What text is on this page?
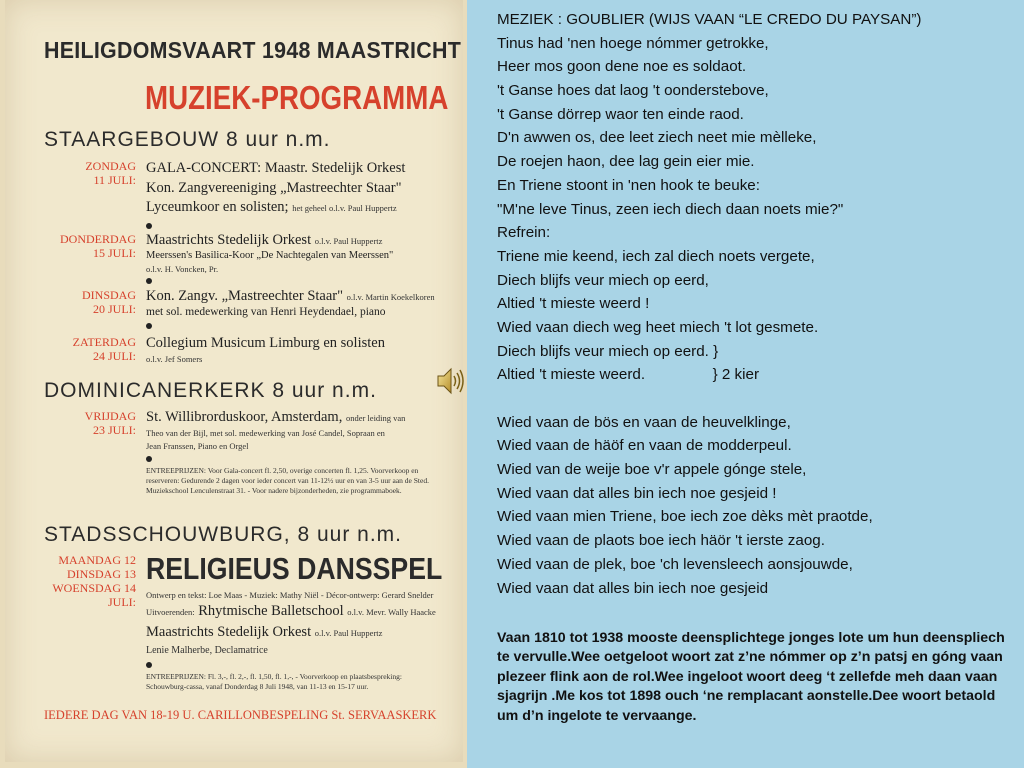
HEILIGDOMSVAART 1948 MAASTRICHT
MUZIEK-PROGRAMMA
STAARGEBOUW 8 uur n.m.
ZONDAG
11 JULI:
GALA-CONCERT: Maastr. Stedelijk Orkest
Kon. Zangvereeniging „Mastreechter Staar"
Lyceumkoor en solisten; het geheel o.l.v. Paul Huppertz
DONDERDAG
15 JULI:
Maastrichts Stedelijk Orkest o.l.v. Paul Huppertz
Meerssen's Basilica-Koor „De Nachtegalen van Meerssen"
o.l.v. H. Voncken, Pr.
DINSDAG
20 JULI:
Kon. Zangv. „Mastreechter Staar" o.l.v. Martin Koekelkoren
met sol. medewerking van Henri Heydendael, piano
ZATERDAG
24 JULI:
Collegium Musicum Limburg en solisten
o.l.v. Jef Somers
DOMINICANERKERK 8 uur n.m.
VRIJDAG
23 JULI:
St. Willibrorduskoor, Amsterdam, onder leiding van
Theo van der Bijl, met sol. medewerking van José Candel, Sopraan en
Jean Franssen, Piano en Orgel
ENTREEPRIJZEN: Voor Gala-concert fl. 2,50, overige concerten fl. 1,25. Voorverkoop en reserveren: Gedurende 2 dagen voor ieder concert van 11-12½ uur en van 3-5 uur aan de Sted. Muziekschool Lenculenstraat 31. - Voor nadere bijzonderheden, zie programmaboek.
STADSSCHOUWBURG, 8 uur n.m.
MAANDAG 12
DINSDAG 13
WOENSDAG 14
JULI:
RELIGIEUS DANSSPEL
Ontwerp en tekst: Loe Maas - Muziek: Mathy Niël - Décor-ontwerp: Gerard Snelder
Uitvoerenden: Rhytmische Balletschool o.l.v. Mevr. Wally Haacke
Maastrichts Stedelijk Orkest o.l.v. Paul Huppertz
Lenie Malherbe, Declamatrice
ENTREEPRIJZEN: Fl. 3,-, fl. 2,-, fl. 1,50, fl. 1,-, - Voorverkoop en plaatsbespreking: Schouwburg-cassa, vanaf Donderdag 8 Juli 1948, van 11-13 en 15-17 uur.
IEDERE DAG VAN 18-19 U. CARILLONBESPELING St. SERVAASKERK
MEZIEK : GOUBLIER (WIJS VAAN “LE CREDO DU PAYSAN”)
Tinus had 'nen hoege nómmer getrokke,
Heer mos goon dene noe es soldaot.
't Ganse hoes dat laog 't oonderstebove,
't Ganse dörrep waor ten einde raod.
D'n awwen os, dee leet ziech neet mie mèlleke,
De roejen haon, dee lag gein eier mie.
En Triene stoont in 'nen hook te beuke:
"M'ne leve Tinus, zeen iech diech daan noets mie?"
Refrein:
Triene mie keend, iech zal diech noets vergete,
Diech blijfs veur miech op eerd,
Altied 't mieste weerd !
Wied vaan diech weg heet miech 't lot gesmete.
Diech blijfs veur miech op eerd. }
Altied 't mieste weerd.                } 2 kier
Wied vaan de bös en vaan de heuvelklinge,
Wied vaan de häöf en vaan de modderpeul.
Wied van de weije boe v'r appele gónge stele,
Wied vaan dat alles bin iech noe gesjeid !
Wied vaan mien Triene, boe iech zoe dèks mèt praotde,
Wied vaan de plaots boe iech häör 't ierste zaog.
Wied vaan de plek, boe 'ch levensleech aonsjouwde,
Wied vaan dat alles bin iech noe gesjeid
Vaan 1810 tot 1938 mooste deensplichtege jonges lote um hun deenspliech te vervulle.Wee oetgeloot woort zat z’ne nómmer op z’n patsj en góng vaan plezeer flink aon de rol.Wee ingeloot woort deeg ‘t zellefde meh daan vaan sjagrijn .Me kos tot 1898 ouch ‘ne remplacant aonstelle.Dee woort betaold um d’n ingelote te vervaange.
